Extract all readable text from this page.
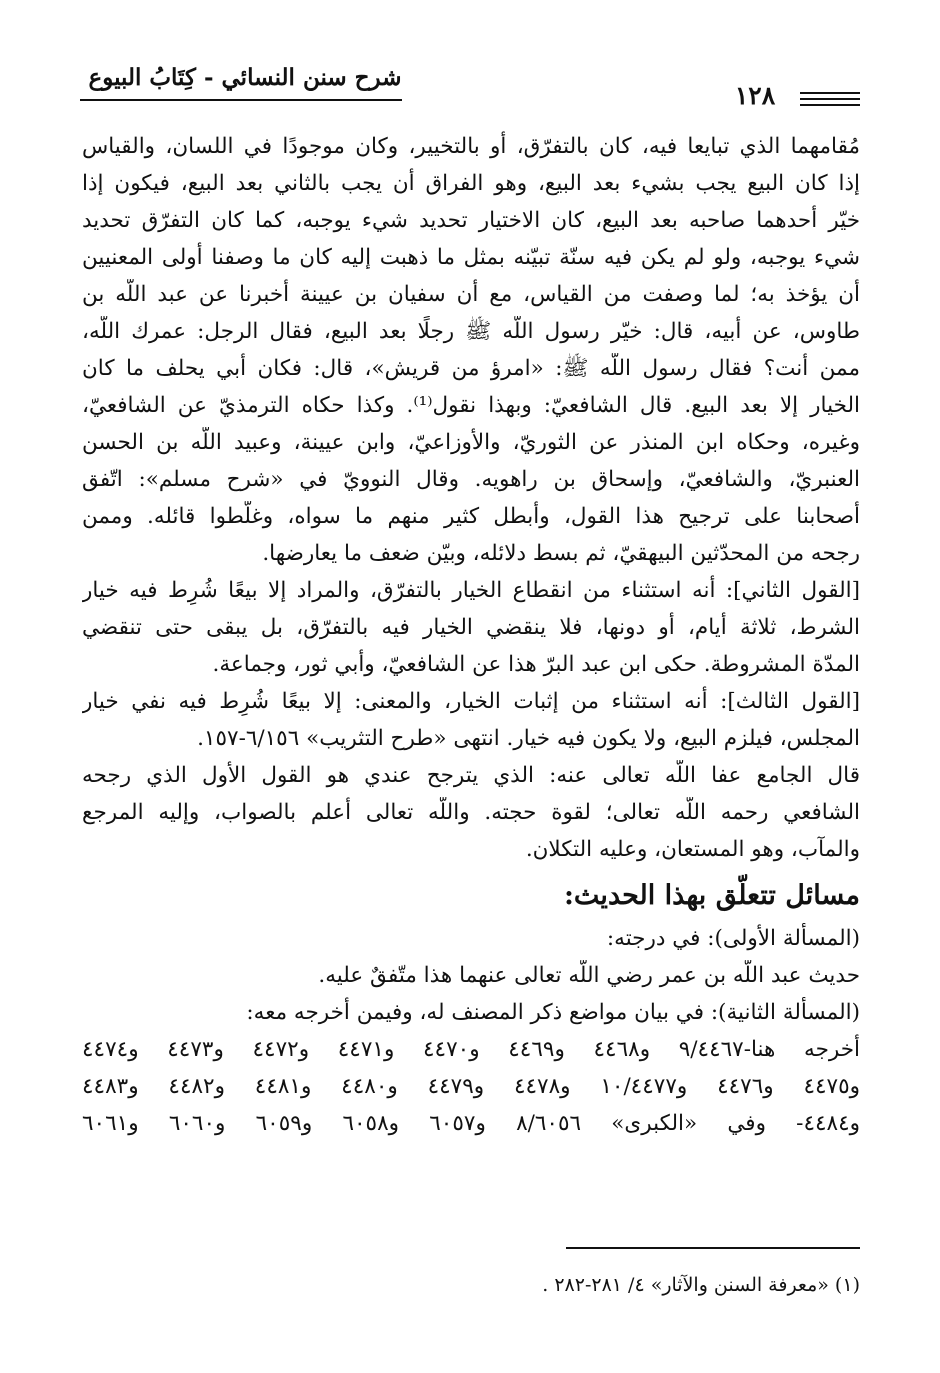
شرح سنن النسائي - كِتَابُ البيوع
١٢٨
مُقامهما الذي تبايعا فيه، كان بالتفرّق، أو بالتخيير، وكان موجودًا في اللسان، والقياس
إذا كان البيع يجب بشيء بعد البيع، وهو الفراق أن يجب بالثاني بعد البيع، فيكون إذا
خيّر أحدهما صاحبه بعد البيع، كان الاختيار تحديد شيء يوجبه، كما كان التفرّق تحديد
شيء يوجبه، ولو لم يكن فيه سنّة تبيّنه بمثل ما ذهبت إليه كان ما وصفنا أولى المعنيين
أن يؤخذ به؛ لما وصفت من القياس، مع أن سفيان بن عيينة أخبرنا عن عبد اللَّه بن
طاوس، عن أبيه، قال: خيّر رسول اللَّه ﷺ رجلًا بعد البيع، فقال الرجل: عمرك اللَّه،
ممن أنت؟ فقال رسول اللَّه ﷺ: «امرؤ من قريش»، قال: فكان أبي يحلف ما كان
الخيار إلا بعد البيع. قال الشافعيّ: وبهذا نقول⁽¹⁾. وكذا حكاه الترمذيّ عن الشافعيّ،
وغيره، وحكاه ابن المنذر عن الثوريّ، والأوزاعيّ، وابن عيينة، وعبيد اللَّه بن الحسن
العنبريّ، والشافعيّ، وإسحاق بن راهويه. وقال النوويّ في «شرح مسلم»: اتّفق
أصحابنا على ترجيح هذا القول، وأبطل كثير منهم ما سواه، وغلّطوا قائله. وممن
رجحه من المحدّثين البيهقيّ، ثم بسط دلائله، وبيّن ضعف ما يعارضها.
[القول الثاني]: أنه استثناء من انقطاع الخيار بالتفرّق، والمراد إلا بيعًا شُرِط فيه خيار
الشرط، ثلاثة أيام، أو دونها، فلا ينقضي الخيار فيه بالتفرّق، بل يبقى حتى تنقضي
المدّة المشروطة. حكى ابن عبد البرّ هذا عن الشافعيّ، وأبي ثور، وجماعة.
[القول الثالث]: أنه استثناء من إثبات الخيار، والمعنى: إلا بيعًا شُرِط فيه نفي خيار
المجلس، فيلزم البيع، ولا يكون فيه خيار. انتهى «طرح التثريب» ٦/١٥٦-١٥٧.
قال الجامع عفا اللَّه تعالى عنه: الذي يترجح عندي هو القول الأول الذي رجحه
الشافعي رحمه اللَّه تعالى؛ لقوة حجته. واللَّه تعالى أعلم بالصواب، وإليه المرجع
والمآب، وهو المستعان، وعليه التكلان.
مسائل تتعلّق بهذا الحديث:
(المسألة الأولى): في درجته:
حديث عبد اللَّه بن عمر رضي اللَّه تعالى عنهما هذا متّفقٌ عليه.
(المسألة الثانية): في بيان مواضع ذكر المصنف له، وفيمن أخرجه معه:
أخرجه هنا-٩/٤٤٦٧ و٤٤٦٨ و٤٤٦٩ و٤٤٧٠ و٤٤٧١ و٤٤٧٢ و٤٤٧٣ و٤٤٧٤
و٤٤٧٥ و٤٤٧٦ و١٠/٤٤٧٧ و٤٤٧٨ و٤٤٧٩ و٤٤٨٠ و٤٤٨١ و٤٤٨٢ و٤٤٨٣
و٤٤٨٤- وفي «الكبرى» ٨/٦٠٥٦ و٦٠٥٧ و٦٠٥٨ و٦٠٥٩ و٦٠٦٠ و٦٠٦١
(١) «معرفة السنن والآثار» ٤/ ٢٨١-٢٨٢ .
